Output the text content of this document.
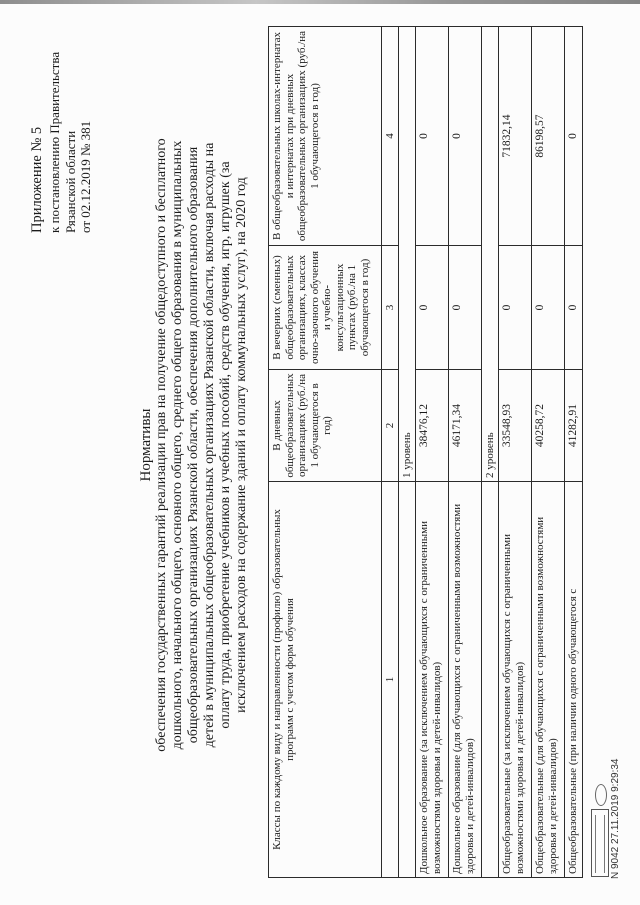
Приложение № 5 к постановлению Правительства Рязанской области от 02.12.2019 № 381
Нормативы обеспечения государственных гарантий реализации прав на получение общедоступного и бесплатного дошкольного, начального общего, основного общего, среднего общего образования в муниципальных общеобразовательных организациях Рязанской области, обеспечения дополнительного образования детей в муниципальных общеобразовательных организациях Рязанской области, включая расходы на оплату труда, приобретение учебников и учебных пособий, средств обучения, игр, игрушек (за исключением расходов на содержание зданий и оплату коммунальных услуг), на 2020 год Классы по каждому виду и направленности (профилю) образовательных программ с учетом форм обучения	В дневных общеобразовательных организациях (руб./на 1 обучающегося в год)	В вечерних (сменных) общеобразовательных организациях, классах очно-заочного обучения и учебно-консультационных пунктах (руб./на 1 обучающегося в год)	В общеобразовательных школах-интернатах и интернатах при дневных общеобразовательных организациях (руб./на 1 обучающегося в год)
1	2	3	4
	1 уровень		
Дошкольное образование (за исключением обучающихся с ограниченными возможностями здоровья и детей-инвалидов)	38476,12	0	0
Дошкольное образование (для обучающихся с ограниченными возможностями здоровья и детей-инвалидов)	46171,34	0	0
	2 уровень		
Общеобразовательные (за исключением обучающихся с ограниченными возможностями здоровья и детей-инвалидов)	33548,93	0	71832,14
Общеобразовательные (для обучающихся с ограниченными возможностями здоровья и детей-инвалидов)	40258,72	0	86198,57
Общеобразовательные (при наличии одного обучающегося с	41282,91	0	0
N 9042 27.11.2019 9:29:34
